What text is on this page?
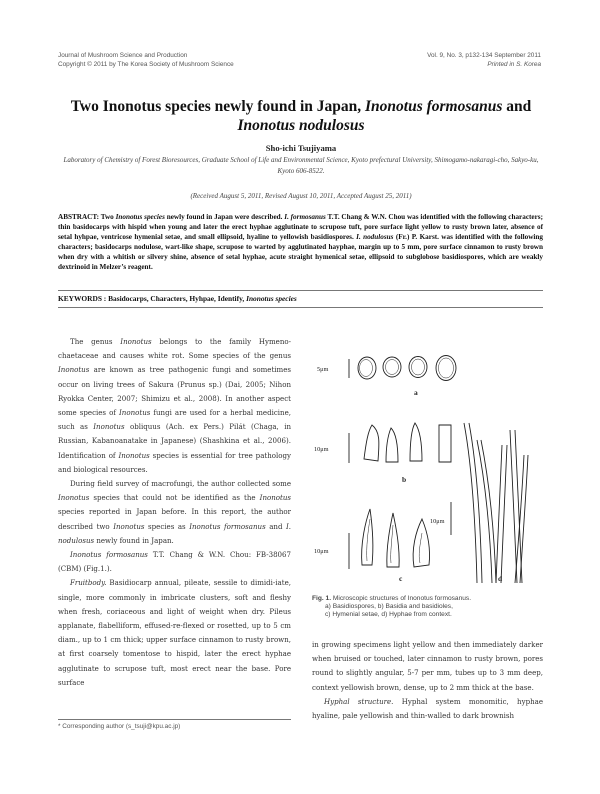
Journal of Mushroom Science and Production
Copyright © 2011 by The Korea Society of Mushroom Science
Vol. 9, No. 3, p132-134 September 2011
Printed in S. Korea
Two Inonotus species newly found in Japan, Inonotus formosanus and Inonotus nodulosus
Sho-ichi Tsujiyama
Laboratory of Chemistry of Forest Bioresources, Graduate School of Life and Environmental Science, Kyoto prefectural University, Shimogamo-nakaragi-cho, Sakyo-ku, Kyoto 606-8522.
(Received August 5, 2011, Revised August 10, 2011, Accepted August 25, 2011)
ABSTRACT: Two Inonotus species newly found in Japan were described. I. formosanus T.T. Chang & W.N. Chou was identified with the following characters; thin basidocarps with hispid when young and later the erect hyphae agglutinate to scrupose tuft, pore surface light yellow to rusty brown later, absence of setal hyhpae, ventricose hymenial setae, and small ellipsoid, hyaline to yellowish basidiospores. I. nodulosus (Fr.) P. Karst. was identified with the following characters; basidocarps nodulose, wart-like shape, scrupose to warted by agglutinated hayphae, margin up to 5 mm, pore surface cinnamon to rusty brown when dry with a whitish or silvery shine, absence of setal hyphae, acute straight hymenical setae, ellipsoid to subglobose basidiospores, which are weakly dextrinoid in Melzer’s reagent.
KEYWORDS : Basidocarps, Characters, Hyhpae, Identify, Inonotus species

The genus Inonotus belongs to the family Hymeno-chaetaceae and causes white rot. Some species of the genus Inonotus are known as tree pathogenic fungi and sometimes occur on living trees of Sakura (Prunus sp.) (Dai, 2005; Nihon Ryokka Center, 2007; Shimizu et al., 2008). In another aspect some species of Inonotus fungi are used for a herbal medicine, such as Inonotus obliquus (Ach. ex Pers.) Pilát (Chaga, in Russian, Kabanoanatake in Japanese) (Shashkina et al., 2006). Identification of Inonotus species is essential for tree pathology and biological resources.

During field survey of macrofungi, the author collected some Inonotus species that could not be identified as the Inonotus species reported in Japan before. In this report, the author described two Inonotus species as Inonotus formosanus and I. nodulosus newly found in Japan.

Inonotus formosanus T.T. Chang & W.N. Chou: FB-38067 (CBM) (Fig.1.).

Fruitbody. Basidiocarp annual, pileate, sessile to dimidi-iate, single, more commonly in imbricate clusters, soft and fleshy when fresh, coriaceous and light of weight when dry. Pileus applanate, flabelliform, effused-re-flexed or rosetted, up to 5 cm diam., up to 1 cm thick; upper surface cinnamon to rusty brown, at first coarsely tomentose to hispid, later the erect hyphae agglutinate to scrupose tuft, most erect near the base. Pore surface

5μm
10μm
10μm
10μm
a
b
c	d
Fig. 1. Microscopic structures of Inonotus formosanus.
a) Basidiospores, b) Basidia and basidioles,
c) Hymenial setae, d) Hyphae from context.

in growing specimens light yellow and then immediately darker when bruised or touched, later cinnamon to rusty brown, pores round to slightly angular, 5-7 per mm, tubes up to 3 mm deep, context yellowish brown, dense, up to 2 mm thick at the base.

Hyphal structure. Hyphal system monomitic, hyphae hyaline, pale yellowish and thin-walled to dark brownish

* Corresponding author (s_tsuji@kpu.ac.jp)
